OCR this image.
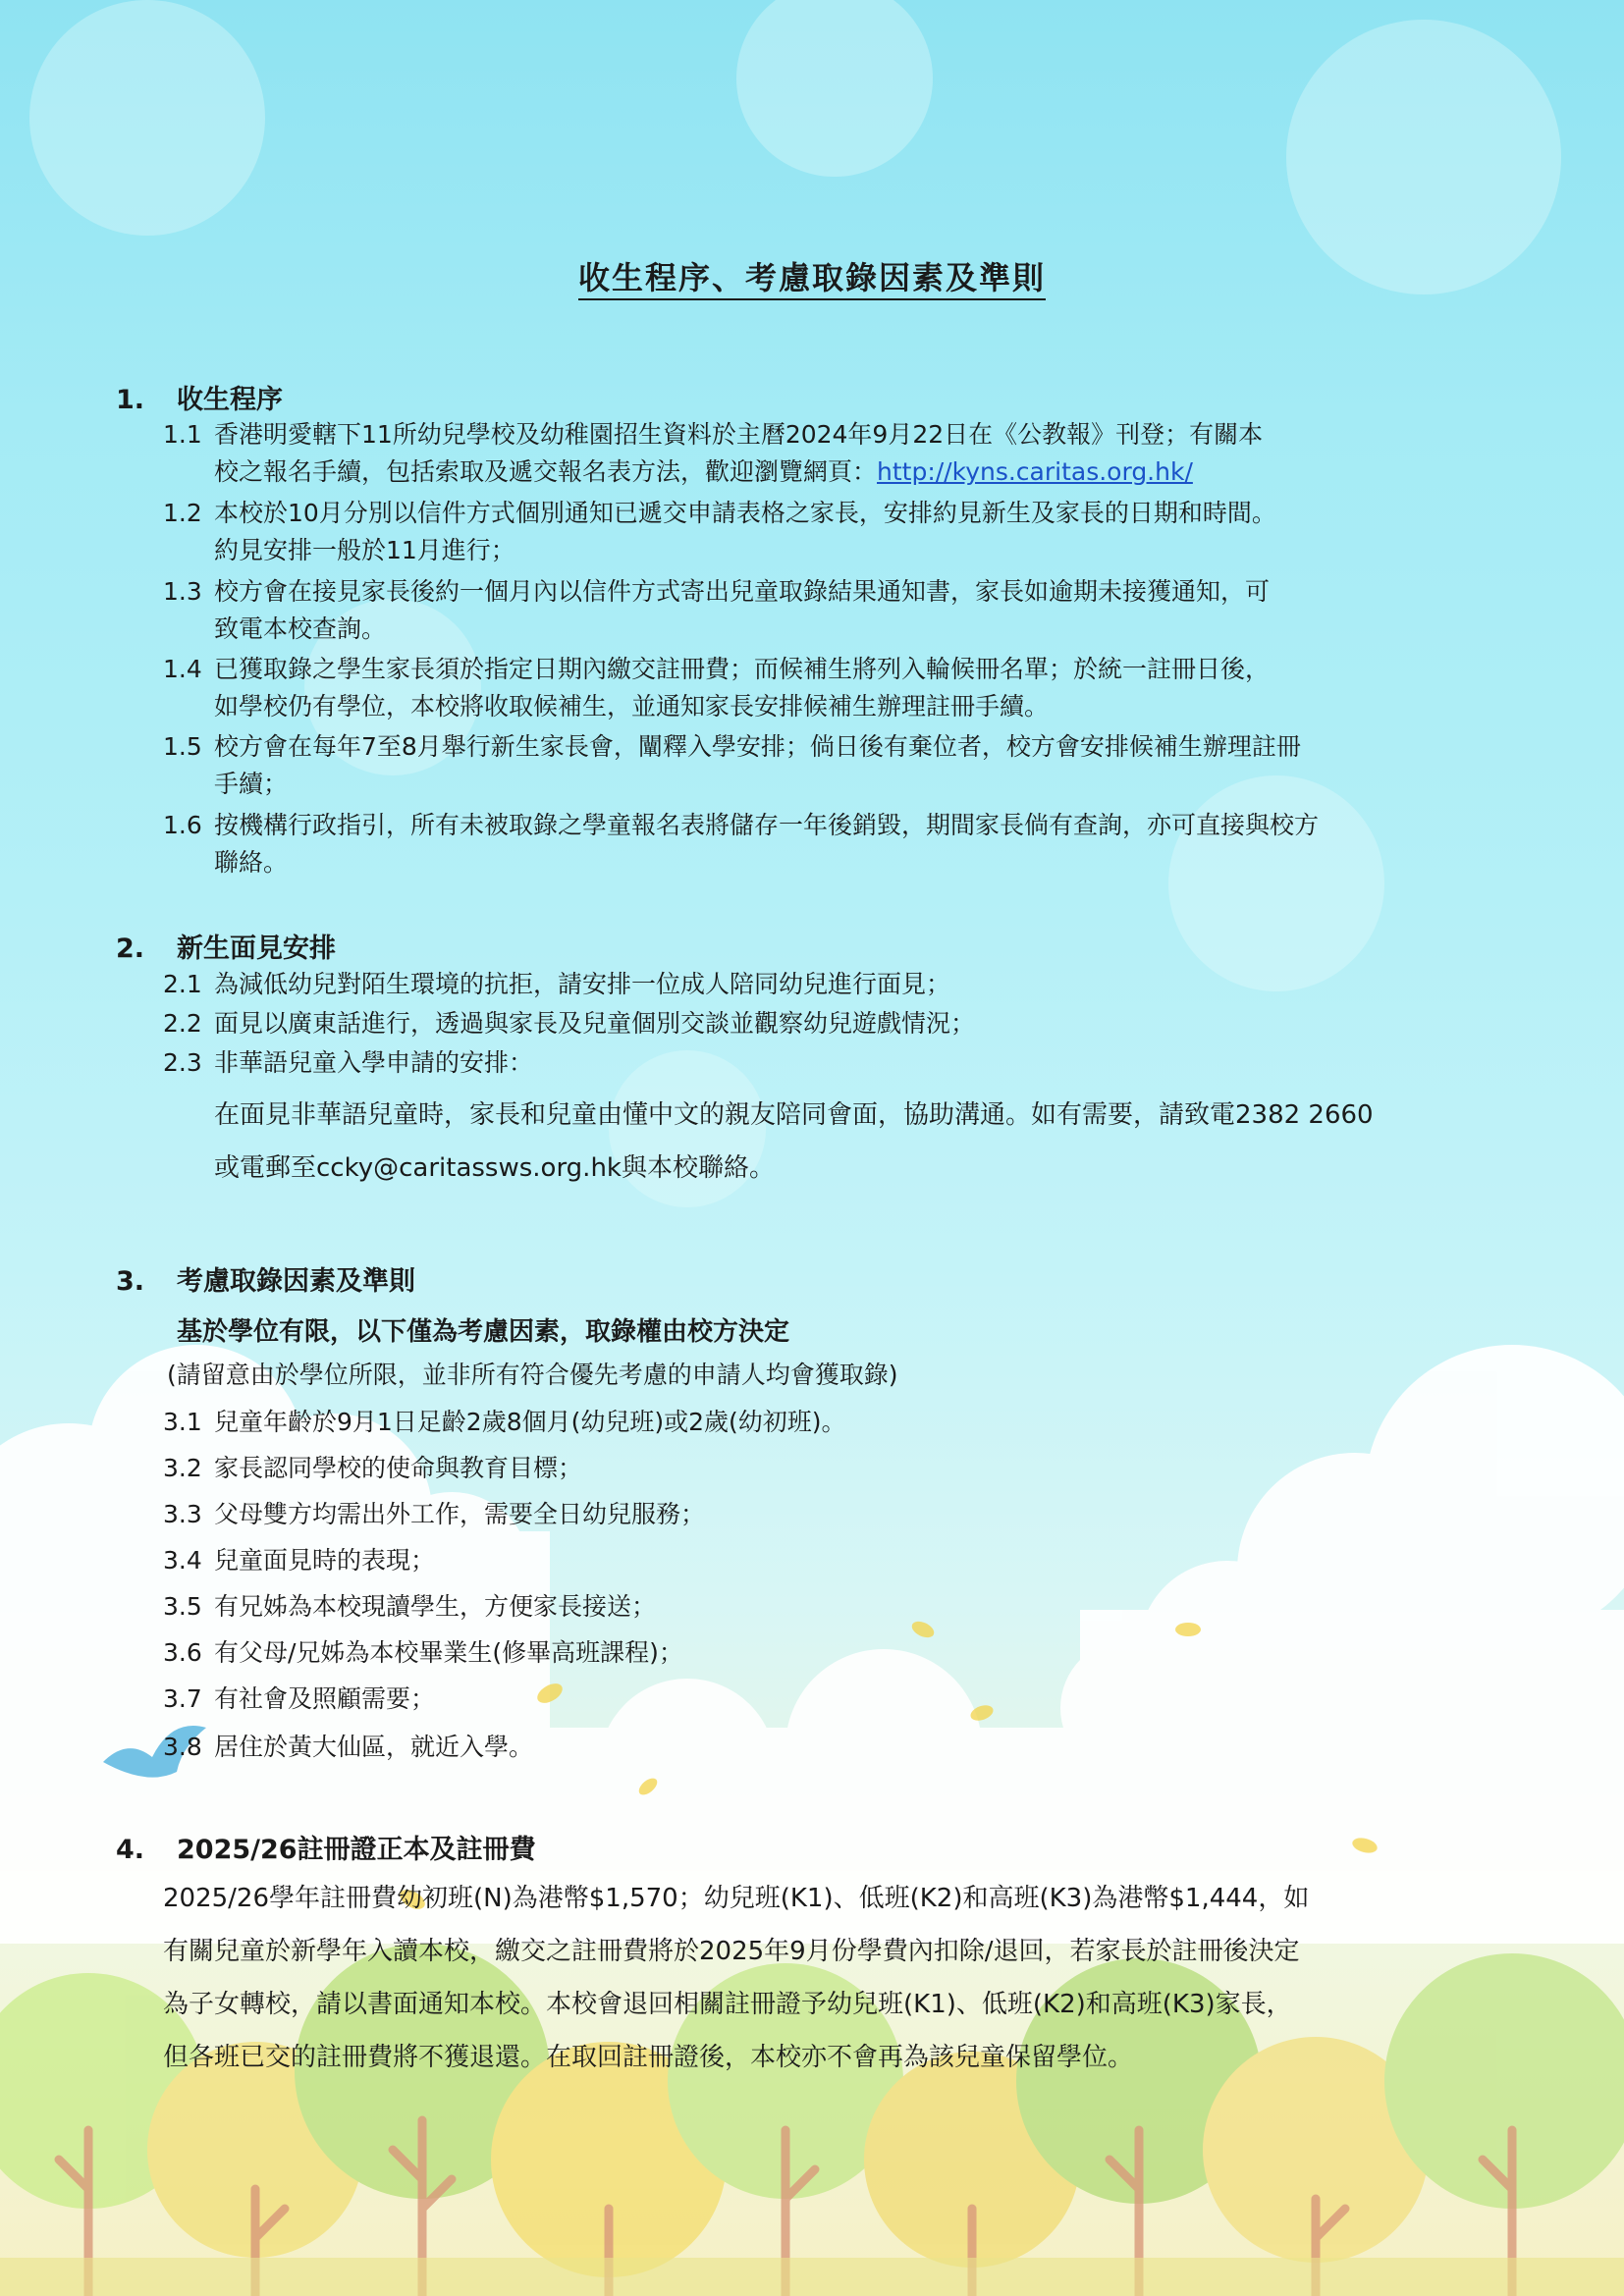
收生程序、考慮取錄因素及準則
1. 收生程序
1.1 香港明愛轄下11所幼兒學校及幼稚園招生資料於主曆2024年9月22日在《公教報》刊登；有關本
校之報名手續，包括索取及遞交報名表方法，歡迎瀏覽網頁：http://kyns.caritas.org.hk/
1.2 本校於10月分別以信件方式個別通知已遞交申請表格之家長，安排約見新生及家長的日期和時間。
約見安排一般於11月進行；
1.3 校方會在接見家長後約一個月內以信件方式寄出兒童取錄結果通知書，家長如逾期未接獲通知，可
致電本校查詢。
1.4 已獲取錄之學生家長須於指定日期內繳交註冊費；而候補生將列入輪候冊名單；於統一註冊日後，
如學校仍有學位，本校將收取候補生，並通知家長安排候補生辦理註冊手續。
1.5 校方會在每年7至8月舉行新生家長會，闡釋入學安排；倘日後有棄位者，校方會安排候補生辦理註冊
手續；
1.6 按機構行政指引，所有未被取錄之學童報名表將儲存一年後銷毀，期間家長倘有查詢，亦可直接與校方
聯絡。
2. 新生面見安排
2.1 為減低幼兒對陌生環境的抗拒，請安排一位成人陪同幼兒進行面見；
2.2 面見以廣東話進行，透過與家長及兒童個別交談並觀察幼兒遊戲情況；
2.3 非華語兒童入學申請的安排：
在面見非華語兒童時，家長和兒童由懂中文的親友陪同會面，協助溝通。如有需要，請致電2382 2660
或電郵至ccky@caritassws.org.hk與本校聯絡。
3. 考慮取錄因素及準則
基於學位有限，以下僅為考慮因素，取錄權由校方決定
(請留意由於學位所限，並非所有符合優先考慮的申請人均會獲取錄)
3.1 兒童年齡於9月1日足齡2歲8個月(幼兒班)或2歲(幼初班)。
3.2 家長認同學校的使命與教育目標；
3.3 父母雙方均需出外工作，需要全日幼兒服務；
3.4 兒童面見時的表現；
3.5 有兄姊為本校現讀學生，方便家長接送；
3.6 有父母/兄姊為本校畢業生(修畢高班課程)；
3.7 有社會及照顧需要；
3.8 居住於黃大仙區，就近入學。
4. 2025/26註冊證正本及註冊費
2025/26學年註冊費幼初班(N)為港幣$1,570；幼兒班(K1)、低班(K2)和高班(K3)為港幣$1,444，如
有關兒童於新學年入讀本校，繳交之註冊費將於2025年9月份學費內扣除/退回，若家長於註冊後決定
為子女轉校，請以書面通知本校。本校會退回相關註冊證予幼兒班(K1)、低班(K2)和高班(K3)家長，
但各班已交的註冊費將不獲退還。在取回註冊證後，本校亦不會再為該兒童保留學位。
